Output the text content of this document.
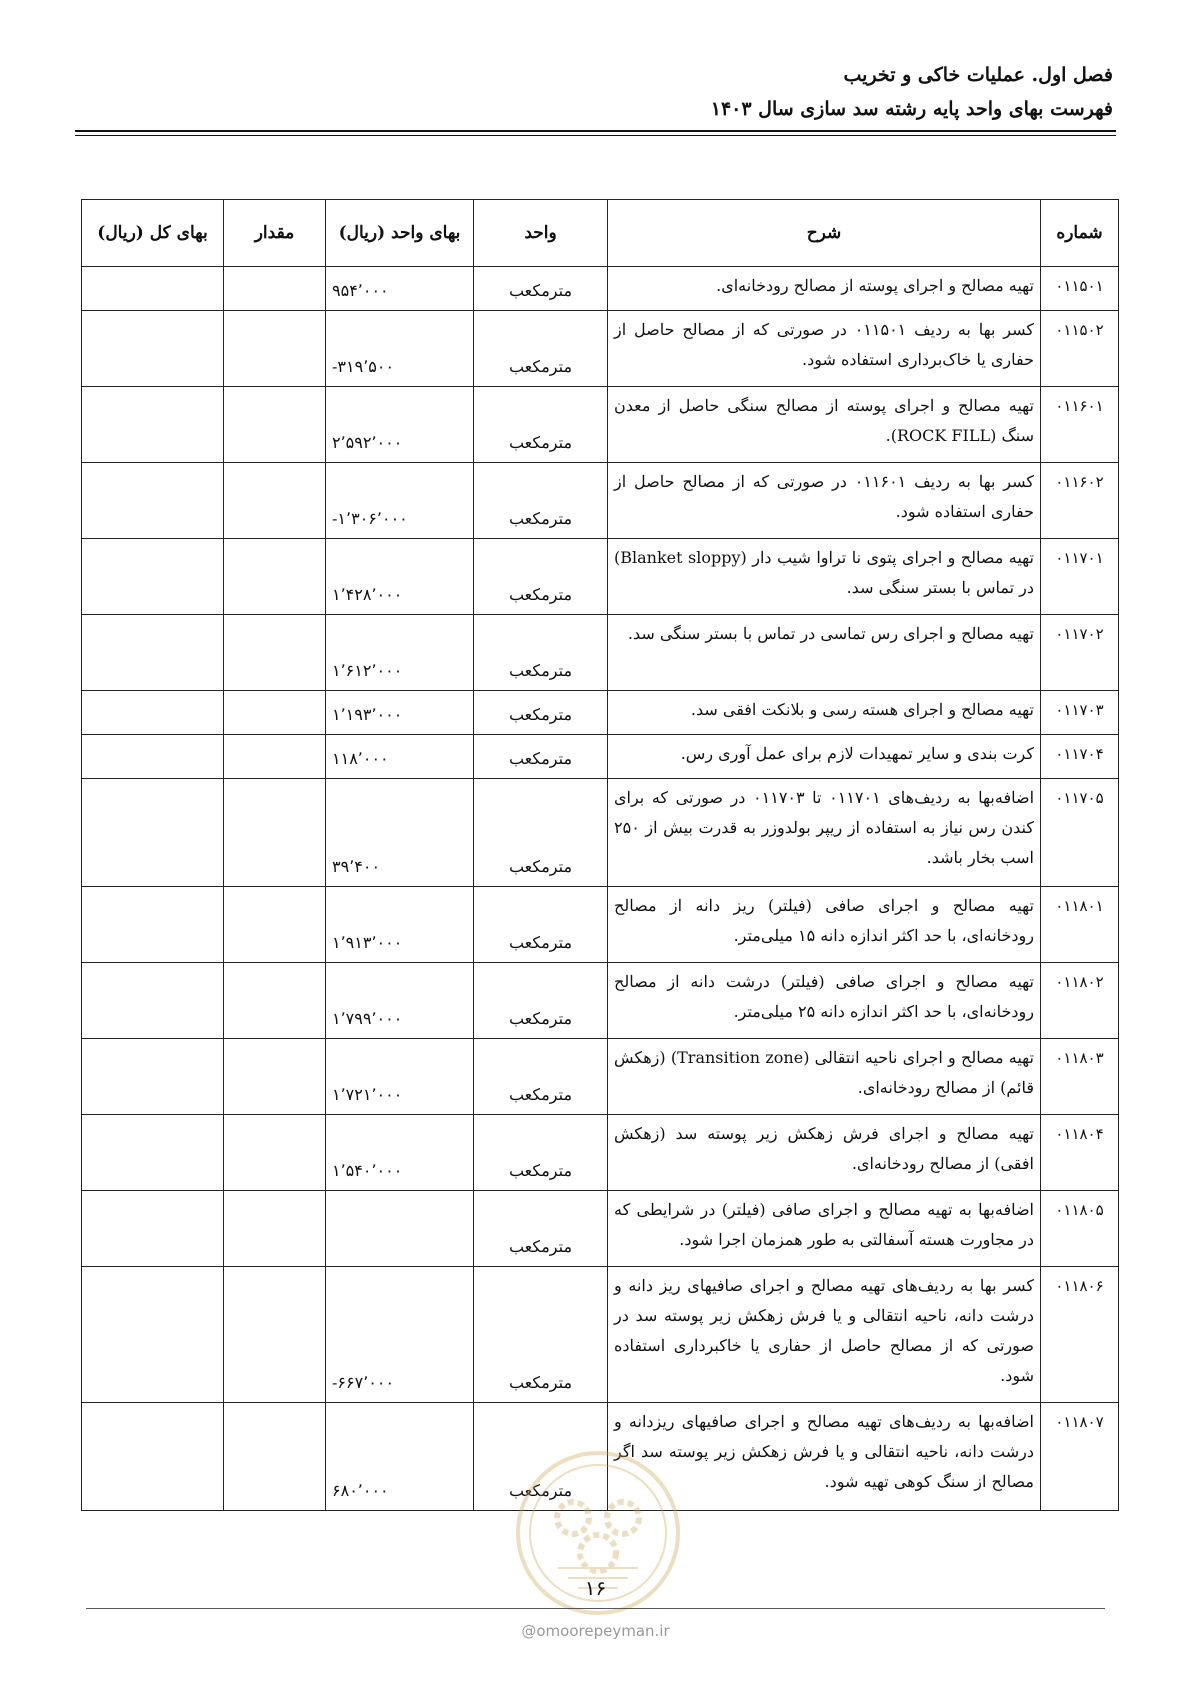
فصل اول. عملیات خاکی و تخریب
فهرست بهای واحد پایه رشته سد سازی سال ۱۴۰۳
شماره	شرح	واحد	بهای واحد (ریال)	مقدار	بهای کل (ریال)
۰۱۱۵۰۱	تهیه مصالح و اجرای پوسته از مصالح رودخانه‌ای.	مترمکعب	۹۵۴٬۰۰۰		
۰۱۱۵۰۲	کسر بها به ردیف ۰۱۱۵۰۱ در صورتی که از مصالح حاصل از حفاری یا خاک‌برداری استفاده شود.	مترمکعب	-۳۱۹٬۵۰۰		
۰۱۱۶۰۱	تهیه مصالح و اجرای پوسته از مصالح سنگی حاصل از معدن سنگ (ROCK FILL).	مترمکعب	۲٬۵۹۲٬۰۰۰		
۰۱۱۶۰۲	کسر بها به ردیف ۰۱۱۶۰۱ در صورتی که از مصالح حاصل از حفاری استفاده شود.	مترمکعب	-۱٬۳۰۶٬۰۰۰		
۰۱۱۷۰۱	تهیه مصالح و اجرای پتوی نا تراوا شیب دار (Blanket sloppy) در تماس با بستر سنگی سد.	مترمکعب	۱٬۴۲۸٬۰۰۰		
۰۱۱۷۰۲	تهیه مصالح و اجرای رس تماسی در تماس با بستر سنگی سد.	مترمکعب	۱٬۶۱۲٬۰۰۰		
۰۱۱۷۰۳	تهیه مصالح و اجرای هسته رسی و بلانکت افقی سد.	مترمکعب	۱٬۱۹۳٬۰۰۰		
۰۱۱۷۰۴	کرت بندی و سایر تمهیدات لازم برای عمل آوری رس.	مترمکعب	۱۱۸٬۰۰۰		
۰۱۱۷۰۵	اضافه‌بها به ردیف‌های ۰۱۱۷۰۱ تا ۰۱۱۷۰۳ در صورتی که برای کندن رس نیاز به استفاده از ریپر بولدوزر به قدرت بیش از ۲۵۰ اسب بخار باشد.	مترمکعب	۳۹٬۴۰۰		
۰۱۱۸۰۱	تهیه مصالح و اجرای صافی (فیلتر) ریز دانه از مصالح رودخانه‌ای، با حد اکثر اندازه دانه ۱۵ میلی‌متر.	مترمکعب	۱٬۹۱۳٬۰۰۰		
۰۱۱۸۰۲	تهیه مصالح و اجرای صافی (فیلتر) درشت دانه از مصالح رودخانه‌ای، با حد اکثر اندازه دانه ۲۵ میلی‌متر.	مترمکعب	۱٬۷۹۹٬۰۰۰		
۰۱۱۸۰۳	تهیه مصالح و اجرای ناحیه انتقالی (Transition zone) (زهکش قائم) از مصالح رودخانه‌ای.	مترمکعب	۱٬۷۲۱٬۰۰۰		
۰۱۱۸۰۴	تهیه مصالح و اجرای فرش زهکش زیر پوسته سد (زهکش افقی) از مصالح رودخانه‌ای.	مترمکعب	۱٬۵۴۰٬۰۰۰		
۰۱۱۸۰۵	اضافه‌بها به تهیه مصالح و اجرای صافی (فیلتر) در شرایطی که در مجاورت هسته آسفالتی به طور همزمان اجرا شود.	مترمکعب			
۰۱۱۸۰۶	کسر بها به ردیف‌های تهیه مصالح و اجرای صافیهای ریز دانه و درشت دانه، ناحیه انتقالی و یا فرش زهکش زیر پوسته سد در صورتی که از مصالح حاصل از حفاری یا خاکبرداری استفاده شود.	مترمکعب	-۶۶۷٬۰۰۰		
۰۱۱۸۰۷	اضافه‌بها به ردیف‌های تهیه مصالح و اجرای صافیهای ریزدانه و درشت دانه، ناحیه انتقالی و یا فرش زهکش زیر پوسته سد اگر مصالح از سنگ کوهی تهیه شود.	مترمکعب	۶۸۰٬۰۰۰		
۱۶
@omoorepeyman.ir
